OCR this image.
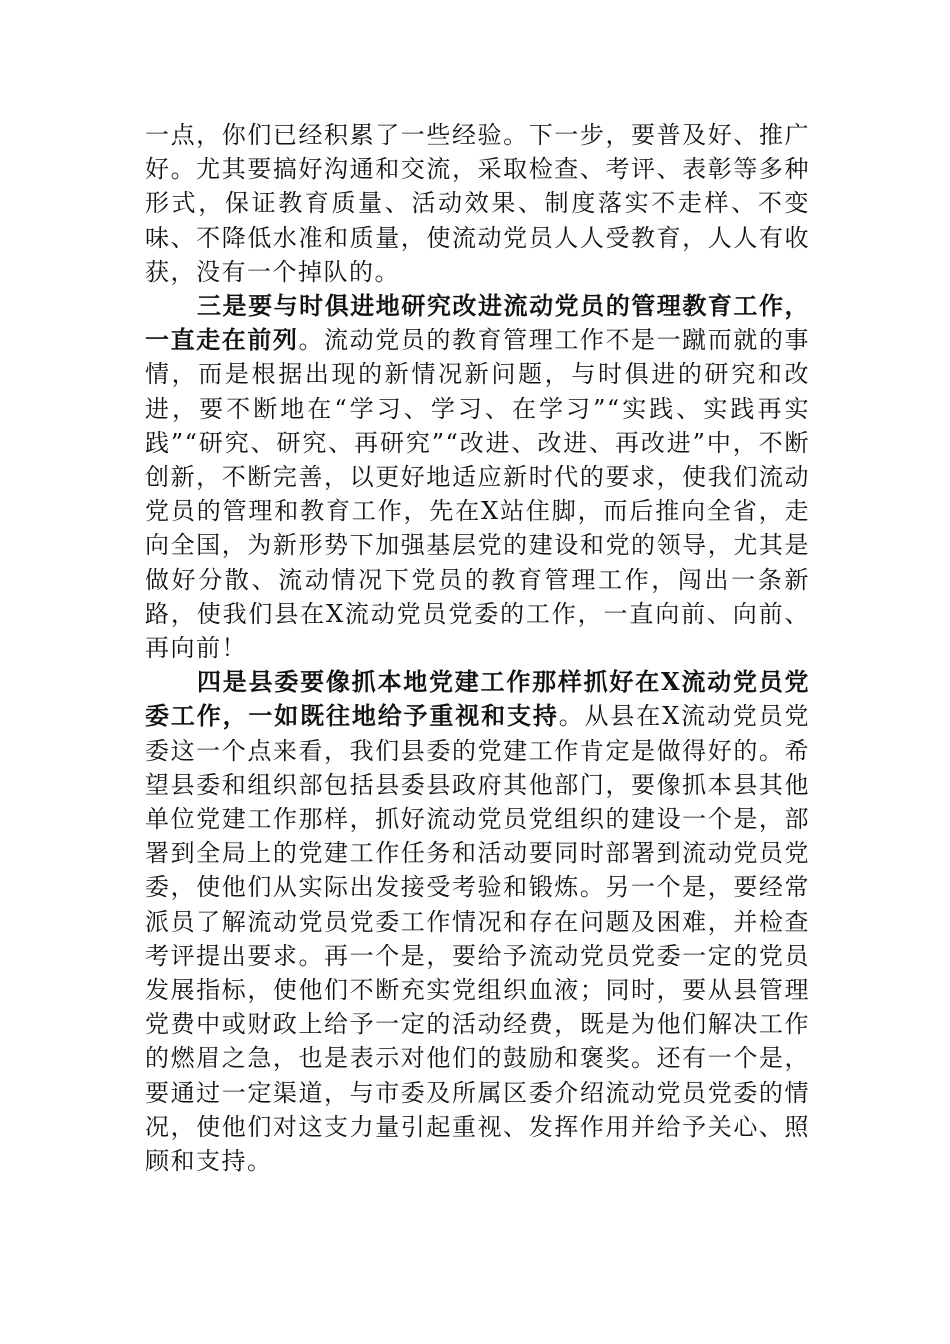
一点，你们已经积累了一些经验。下一步，要普及好、推广好。尤其要搞好沟通和交流，采取检查、考评、表彰等多种形式，保证教育质量、活动效果、制度落实不走样、不变味、不降低水准和质量，使流动党员人人受教育，人人有收获，没有一个掉队的。

三是要与时俱进地研究改进流动党员的管理教育工作，一直走在前列。流动党员的教育管理工作不是一蹴而就的事情，而是根据出现的新情况新问题，与时俱进的研究和改进，要不断地在“学习、学习、在学习”“实践、实践再实践”“研究、研究、再研究”“改进、改进、再改进”中，不断创新，不断完善，以更好地适应新时代的要求，使我们流动党员的管理和教育工作，先在X站住脚，而后推向全省，走向全国，为新形势下加强基层党的建设和党的领导，尤其是做好分散、流动情况下党员的教育管理工作，闯出一条新路，使我们县在X流动党员党委的工作，一直向前、向前、再向前！

四是县委要像抓本地党建工作那样抓好在X流动党员党委工作，一如既往地给予重视和支持。从县在X流动党员党委这一个点来看，我们县委的党建工作肯定是做得好的。希望县委和组织部包括县委县政府其他部门，要像抓本县其他单位党建工作那样，抓好流动党员党组织的建设一个是，部署到全局上的党建工作任务和活动要同时部署到流动党员党委，使他们从实际出发接受考验和锻炼。另一个是，要经常派员了解流动党员党委工作情况和存在问题及困难，并检查考评提出要求。再一个是，要给予流动党员党委一定的党员发展指标，使他们不断充实党组织血液；同时，要从县管理党费中或财政上给予一定的活动经费，既是为他们解决工作的燃眉之急，也是表示对他们的鼓励和褒奖。还有一个是，要通过一定渠道，与市委及所属区委介绍流动党员党委的情况，使他们对这支力量引起重视、发挥作用并给予关心、照顾和支持。
